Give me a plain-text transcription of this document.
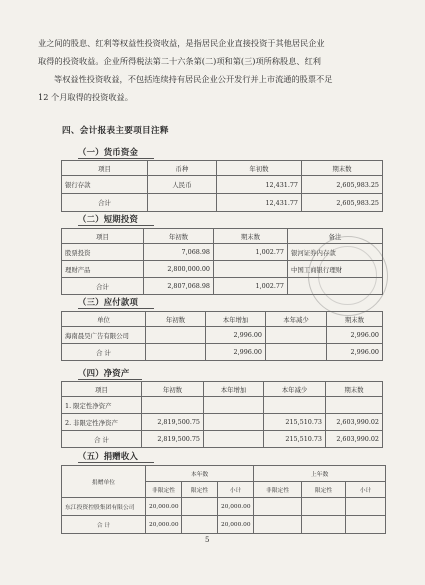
业之间的股息、红利等权益性投资收益，是指居民企业直接投资于其他居民企业
取得的投资收益。企业所得税法第二十六条第(二)项和第(三)项所称股息、红利
等权益性投资收益，不包括连续持有居民企业公开发行并上市流通的股票不足
12 个月取得的投资收益。
四、会计报表主要项目注释
（一）货币资金
项目	币种	年初数	期末数
银行存款	人民币	12,431.77	2,605,983.25
合计		12,431.77	2,605,983.25
（二）短期投资
项目	年初数	期末数	备注
股票投资	7,068.98	1,002.77	银河证券内存款
理财产品	2,800,000.00		中国工商银行理财
合计	2,807,068.98	1,002.77	
（三）应付款项
单位	年初数	本年增加	本年减少	期末数
海南晨昊广告有限公司		2,996.00		2,996.00
合 计		2,996.00		2,996.00
（四）净资产
项目	年初数	本年增加	本年减少	期末数
1. 限定性净资产				
2. 非限定性净资产	2,819,500.75		215,510.73	2,603,990.02
合 计	2,819,500.75		215,510.73	2,603,990.02
（五）捐赠收入
捐赠单位	本年数			上年数		
	非限定性	限定性	小计	非限定性	限定性	小计
东江投资控股集团有限公司	20,000.00		20,000.00			
合 计	20,000.00		20,000.00			
5
